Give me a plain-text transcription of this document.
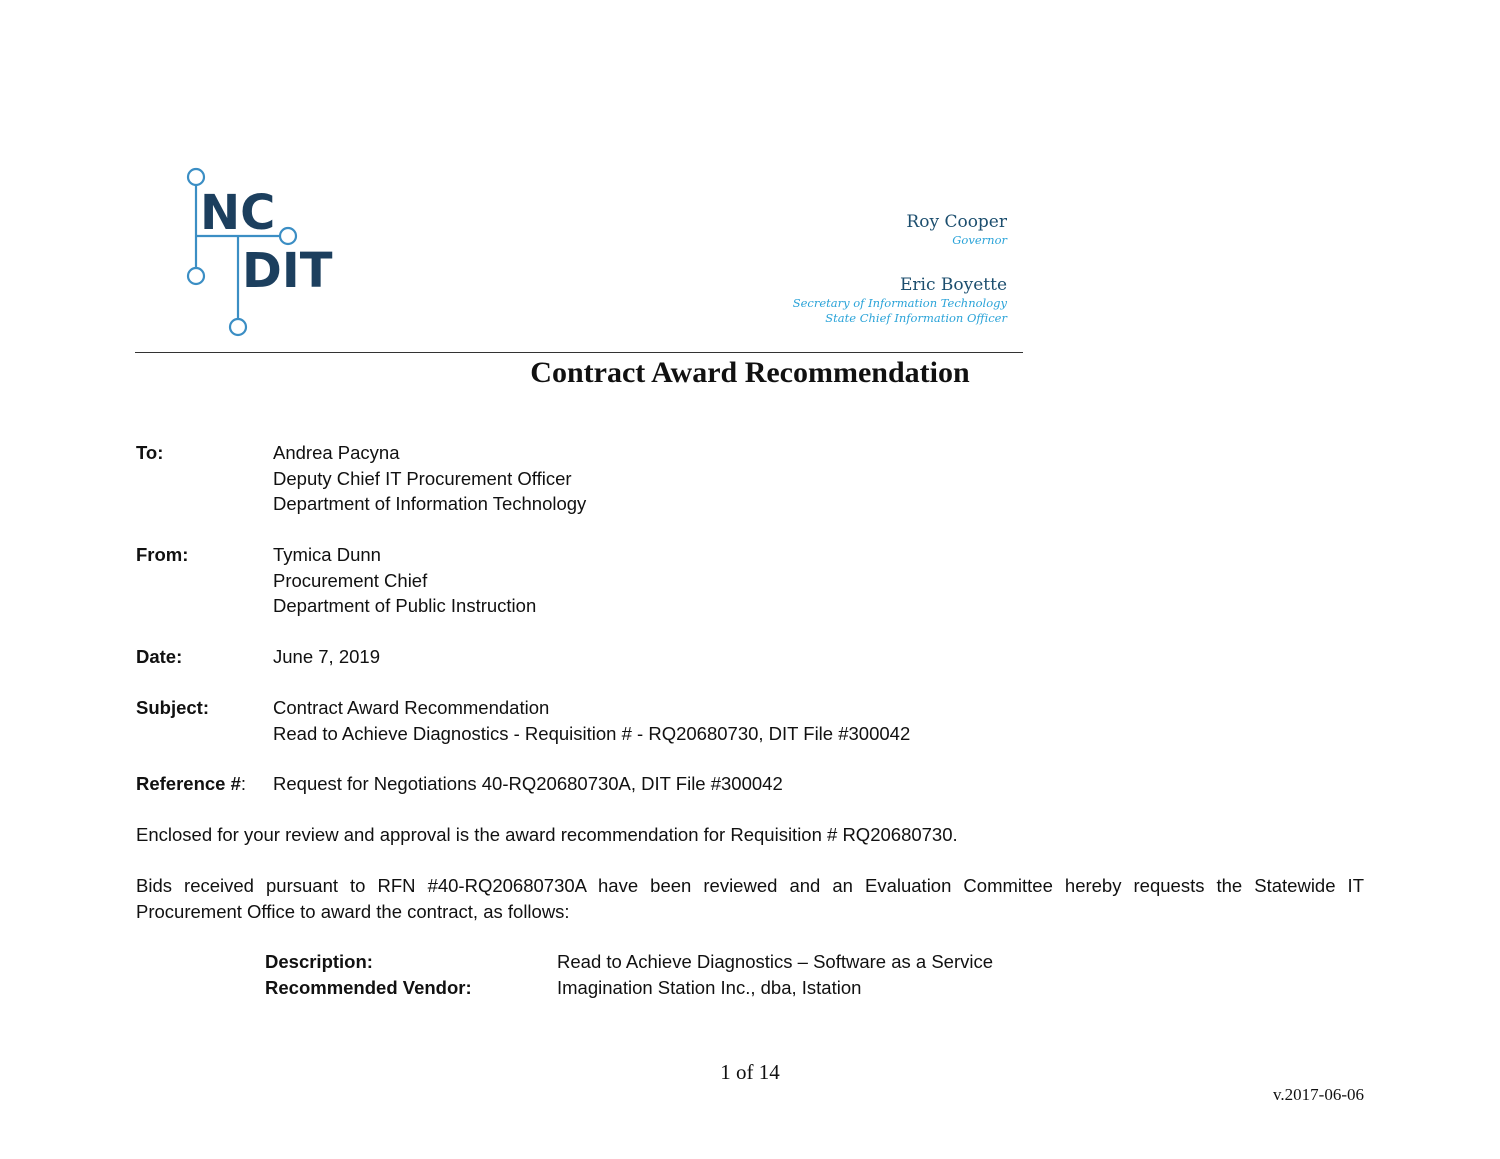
NC
DIT
Roy Cooper
Governor
Eric Boyette
Secretary of Information Technology
State Chief Information Officer
Contract Award Recommendation
To:	Andrea Pacyna
Deputy Chief IT Procurement Officer
Department of Information Technology
From:	Tymica Dunn
Procurement Chief
Department of Public Instruction
Date:	June 7, 2019
Subject:	Contract Award Recommendation
Read to Achieve Diagnostics - Requisition # - RQ20680730, DIT File #300042
Reference #: Request for Negotiations 40-RQ20680730A, DIT File #300042

Enclosed for your review and approval is the award recommendation for Requisition # RQ20680730.

Bids received pursuant to RFN #40-RQ20680730A have been reviewed and an Evaluation Committee hereby requests the Statewide IT
Procurement Office to award the contract, as follows:
Description:	Read to Achieve Diagnostics – Software as a Service
Recommended Vendor:	Imagination Station Inc., dba, Istation
1 of 14
v.2017-06-06
